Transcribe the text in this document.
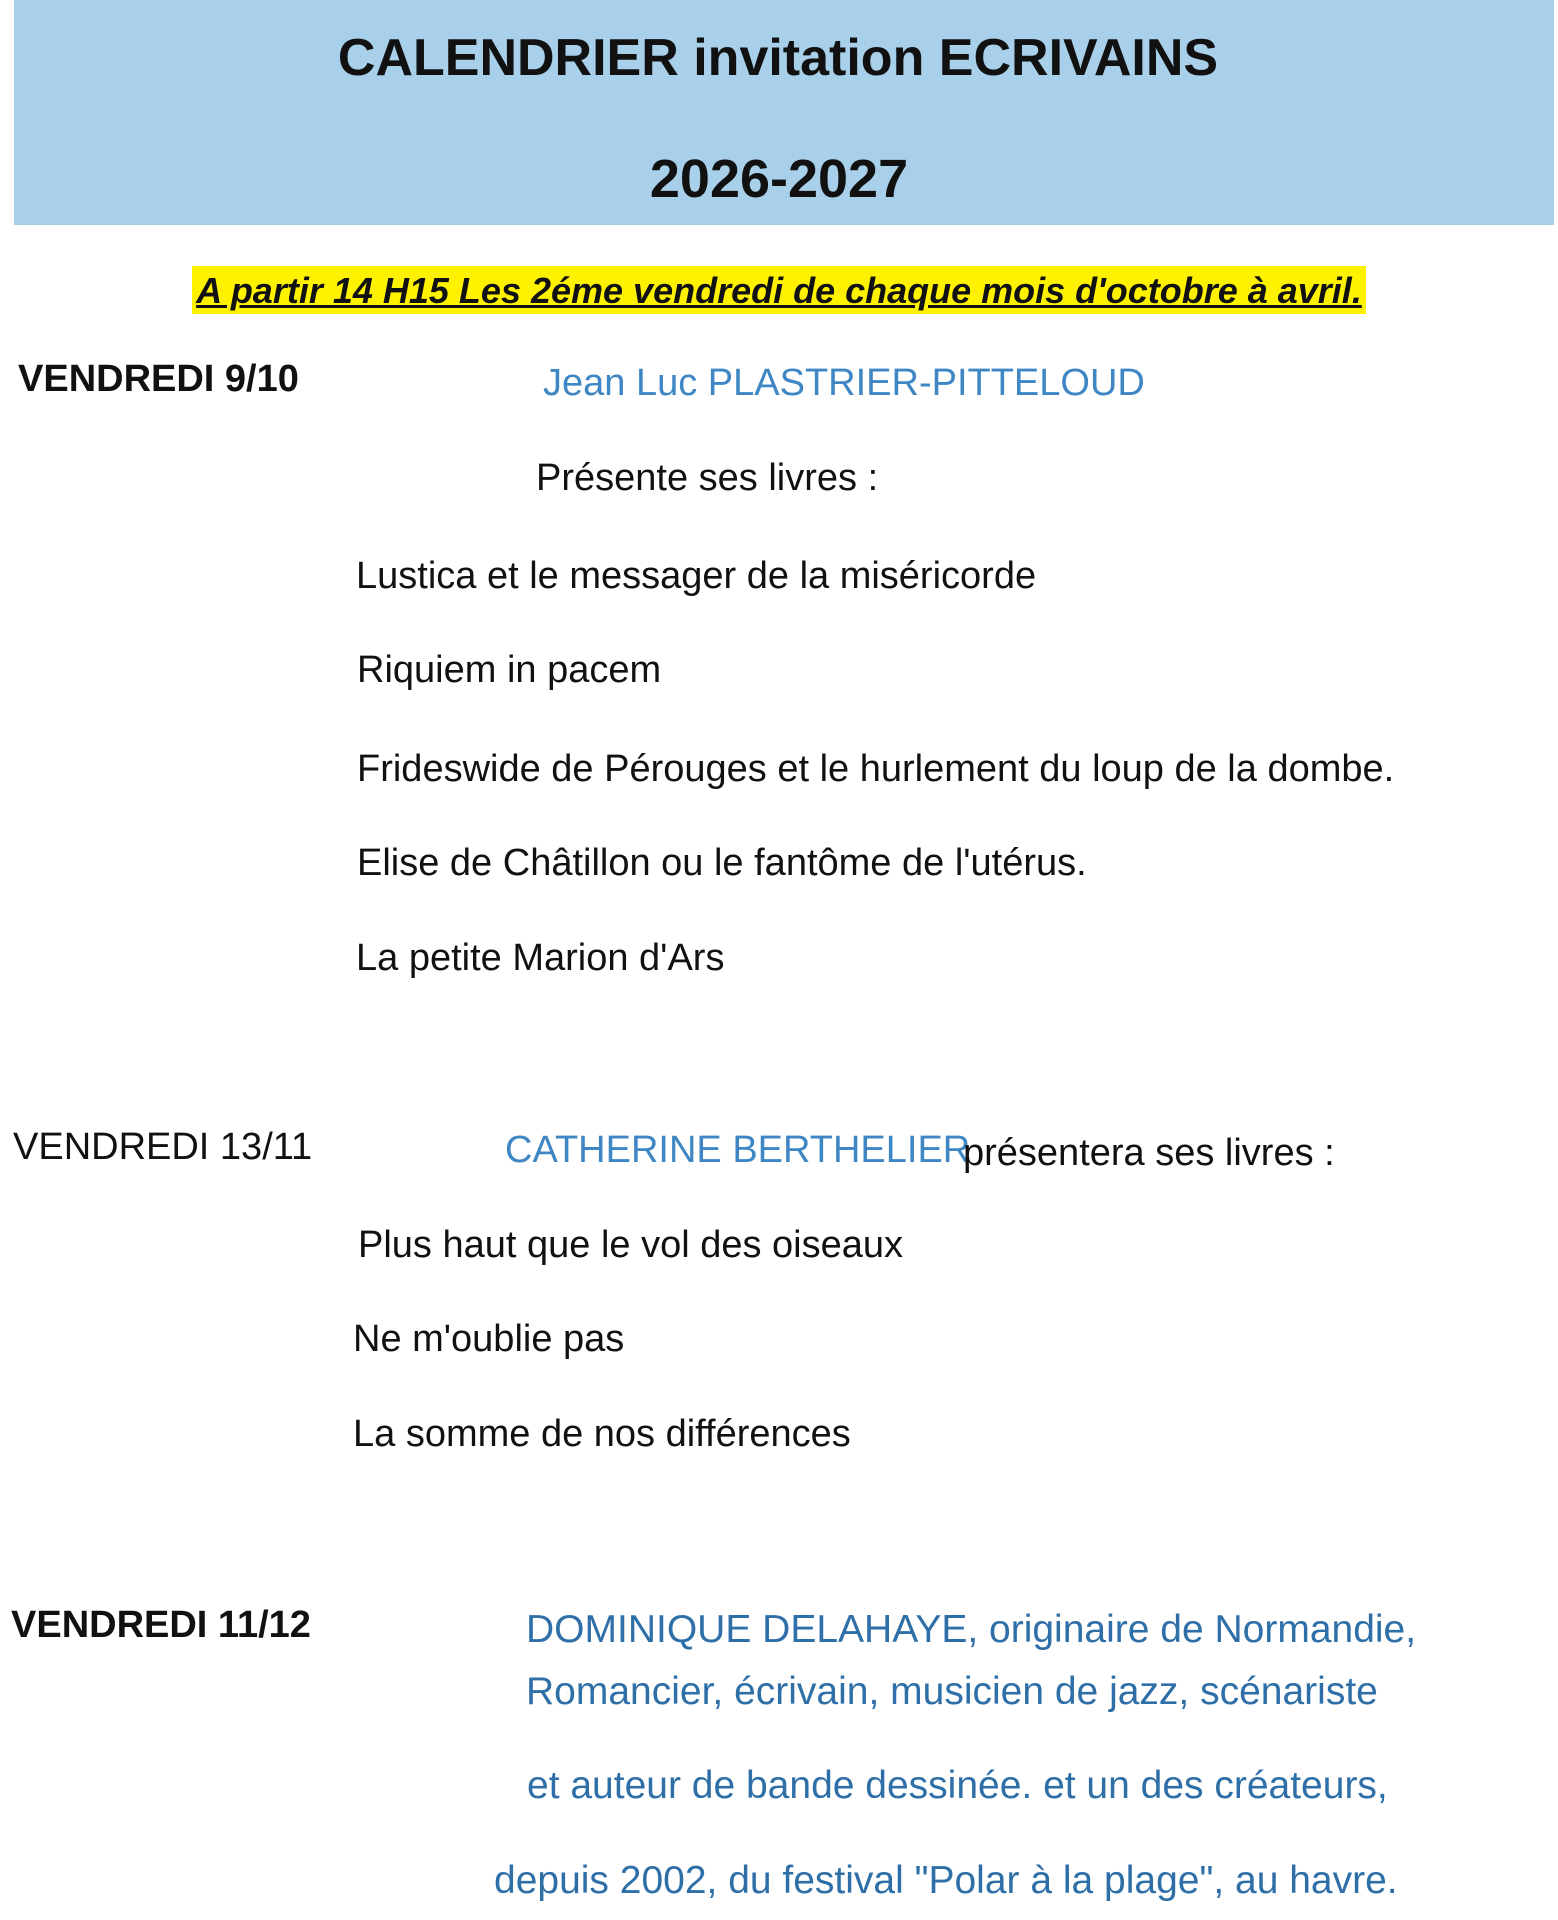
CALENDRIER invitation ECRIVAINS
2026-2027
A partir 14 H15 Les 2éme vendredi de chaque mois d'octobre à avril.
VENDREDI 9/10	Jean Luc PLASTRIER-PITTELOUD
Présente ses livres :
Lustica et le messager de la miséricorde
Riquiem in pacem
Frideswide de Pérouges et le hurlement du loup de la dombe.
Elise de Châtillon ou le fantôme de l'utérus.
La petite Marion d'Ars
VENDREDI 13/11	CATHERINE BERTHELIER
présentera ses livres :
Plus haut que le vol des oiseaux
Ne m'oublie pas
La somme de nos différences
VENDREDI 11/12	DOMINIQUE DELAHAYE, originaire de Normandie,
Romancier, écrivain, musicien de jazz, scénariste
et auteur de bande dessinée. et un des créateurs,
depuis 2002, du festival "Polar à la plage", au havre.
